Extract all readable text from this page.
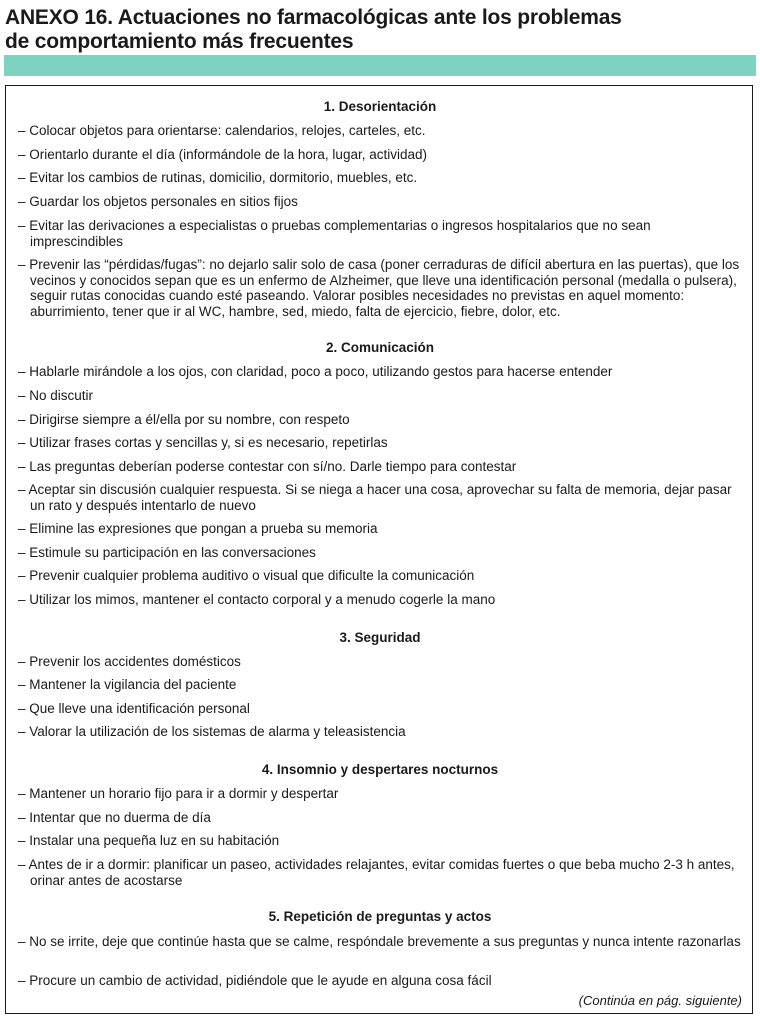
ANEXO 16. Actuaciones no farmacológicas ante los problemas
de comportamiento más frecuentes
1. Desorientación
– Colocar objetos para orientarse: calendarios, relojes, carteles, etc.
– Orientarlo durante el día (informándole de la hora, lugar, actividad)
– Evitar los cambios de rutinas, domicilio, dormitorio, muebles, etc.
– Guardar los objetos personales en sitios fijos
– Evitar las derivaciones a especialistas o pruebas complementarias o ingresos hospitalarios que no sean imprescindibles
– Prevenir las “pérdidas/fugas”: no dejarlo salir solo de casa (poner cerraduras de difícil abertura en las puertas), que los vecinos y conocidos sepan que es un enfermo de Alzheimer, que lleve una identificación personal (medalla o pulsera), seguir rutas conocidas cuando esté paseando. Valorar posibles necesidades no previstas en aquel momento: aburrimiento, tener que ir al WC, hambre, sed, miedo, falta de ejercicio, fiebre, dolor, etc.
2. Comunicación
– Hablarle mirándole a los ojos, con claridad, poco a poco, utilizando gestos para hacerse entender
– No discutir
– Dirigirse siempre a él/ella por su nombre, con respeto
– Utilizar frases cortas y sencillas y, si es necesario, repetirlas
– Las preguntas deberían poderse contestar con sí/no. Darle tiempo para contestar
– Aceptar sin discusión cualquier respuesta. Si se niega a hacer una cosa, aprovechar su falta de memoria, dejar pasar un rato y después intentarlo de nuevo
– Elimine las expresiones que pongan a prueba su memoria
– Estimule su participación en las conversaciones
– Prevenir cualquier problema auditivo o visual que dificulte la comunicación
– Utilizar los mimos, mantener el contacto corporal y a menudo cogerle la mano
3. Seguridad
– Prevenir los accidentes domésticos
– Mantener la vigilancia del paciente
– Que lleve una identificación personal
– Valorar la utilización de los sistemas de alarma y teleasistencia
4. Insomnio y despertares nocturnos
– Mantener un horario fijo para ir a dormir y despertar
– Intentar que no duerma de día
– Instalar una pequeña luz en su habitación
– Antes de ir a dormir: planificar un paseo, actividades relajantes, evitar comidas fuertes o que beba mucho 2-3 h antes, orinar antes de acostarse
5. Repetición de preguntas y actos
– No se irrite, deje que continúe hasta que se calme, respóndale brevemente a sus preguntas y nunca intente razonarlas
– Procure un cambio de actividad, pidiéndole que le ayude en alguna cosa fácil
(Continúa en pág. siguiente)
